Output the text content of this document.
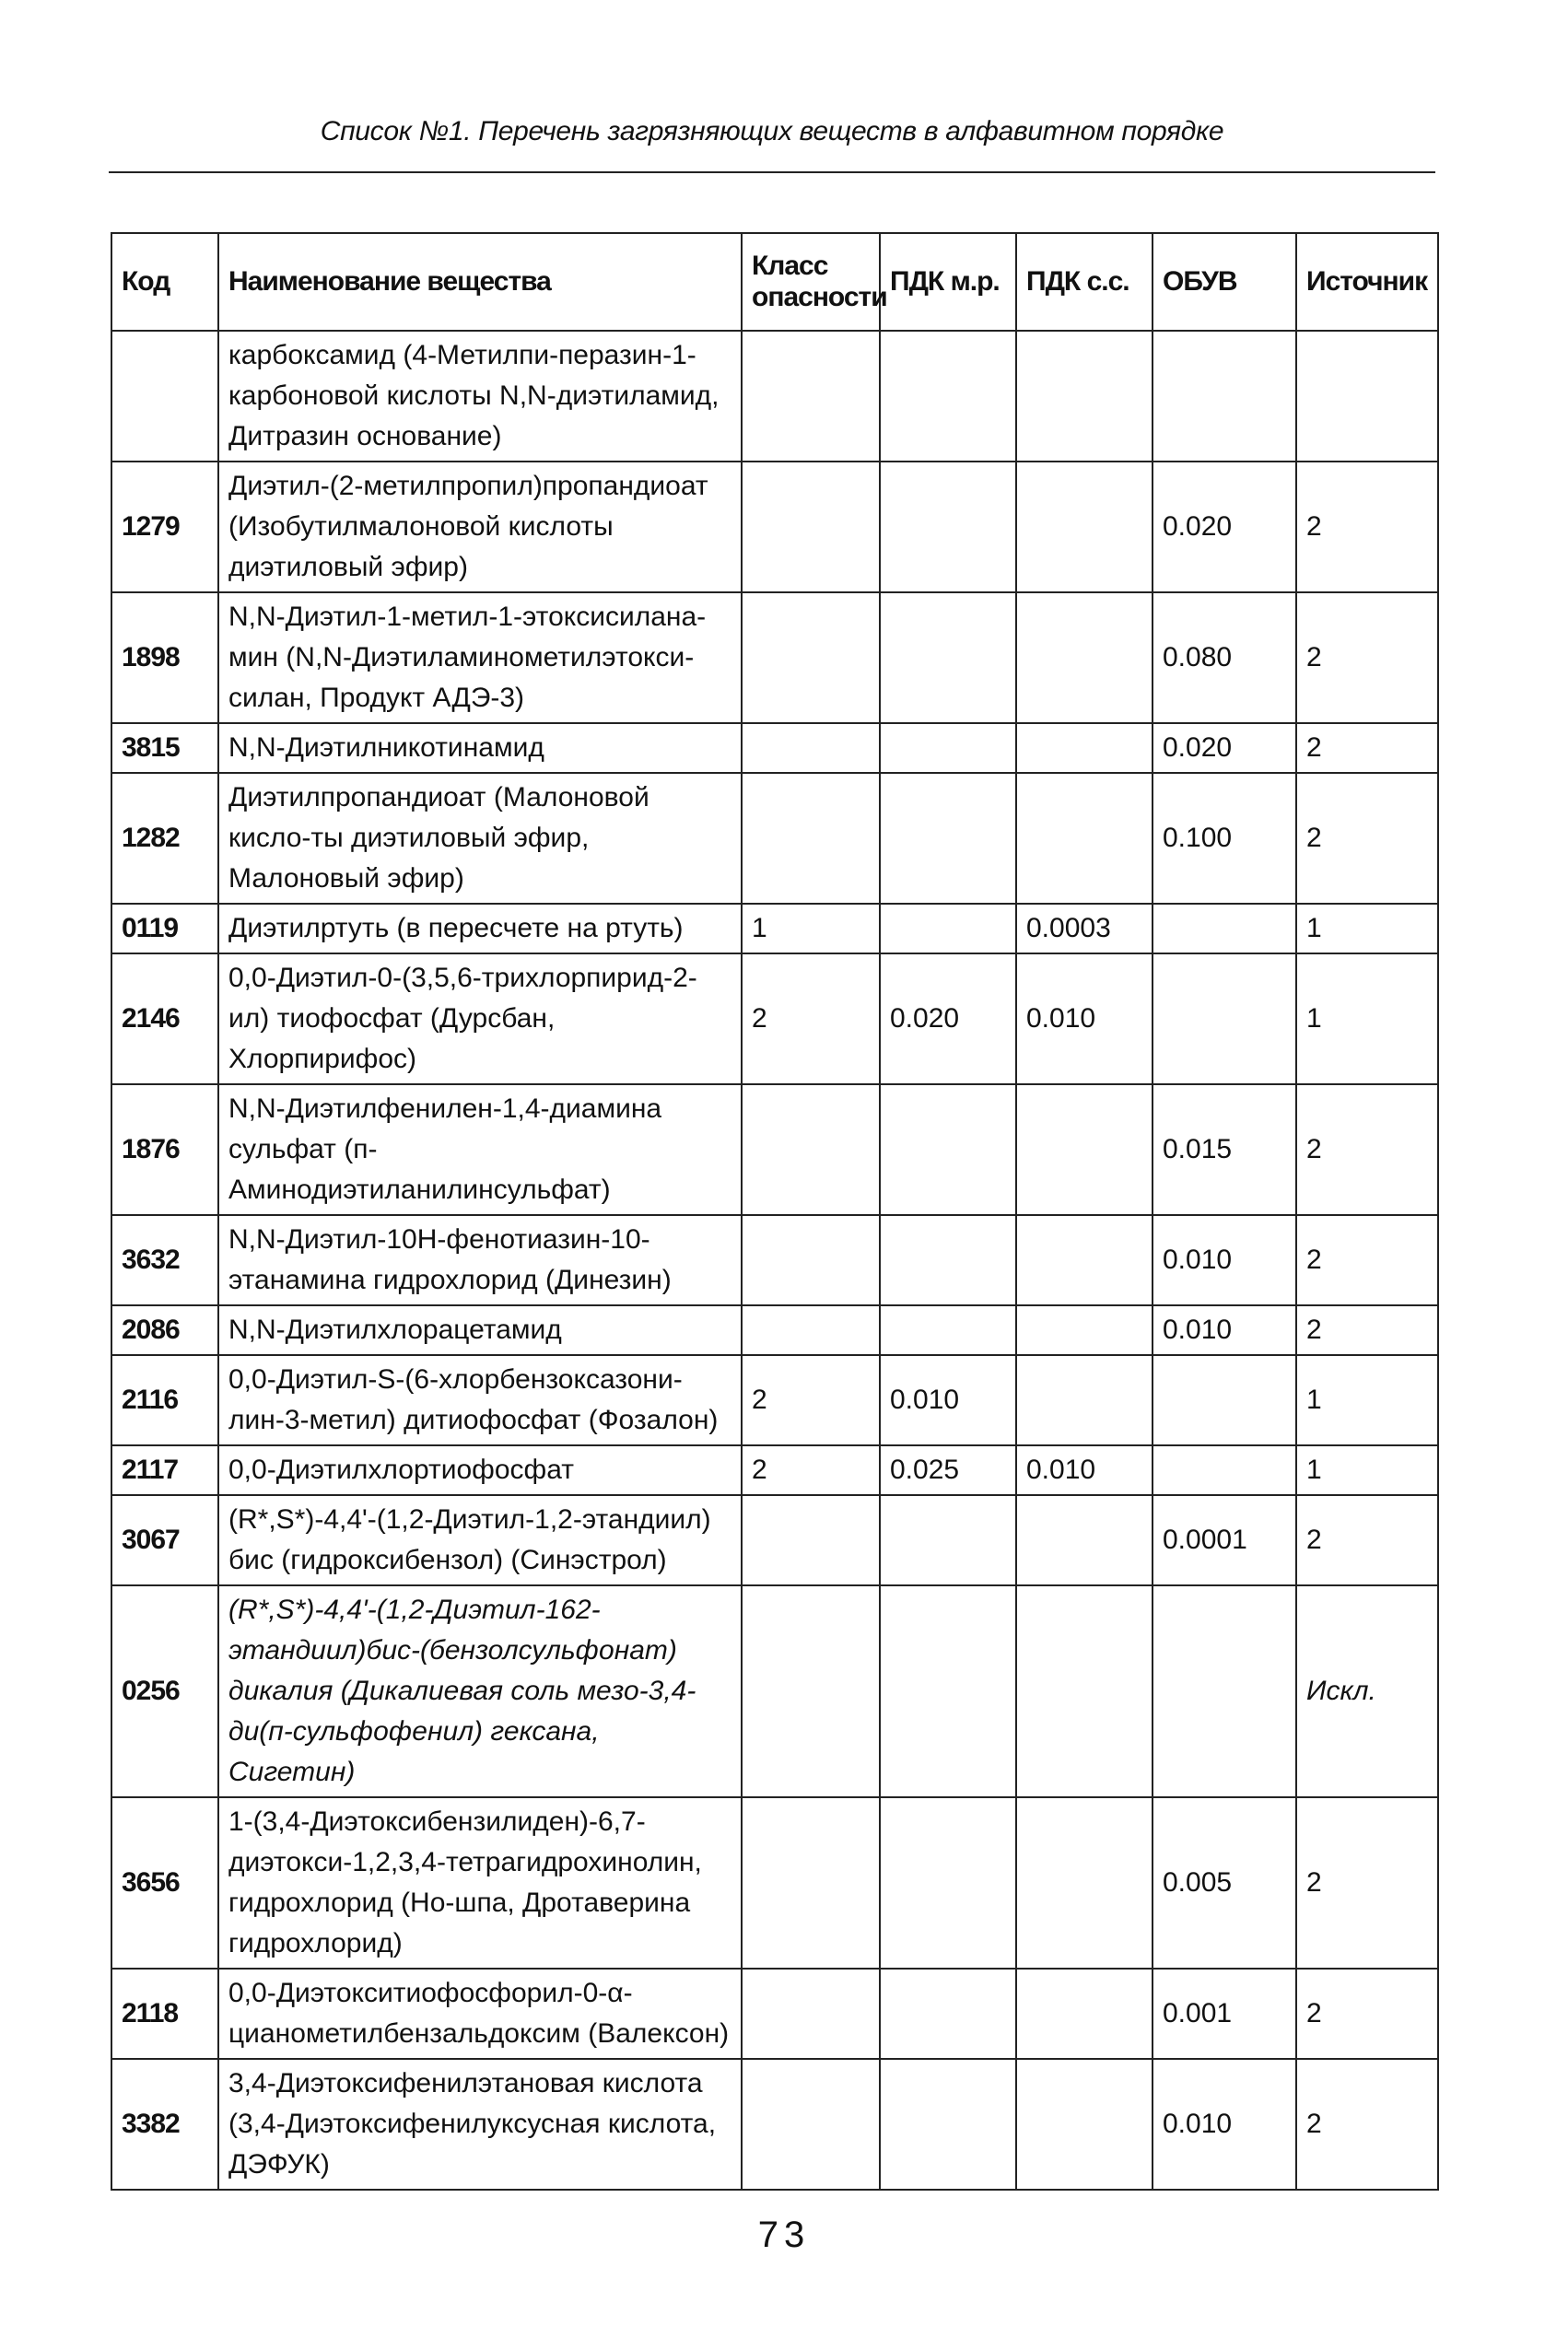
Список №1. Перечень загрязняющих веществ в алфавитном порядке
Код	Наименование вещества	Класс опасности	ПДК м.р.	ПДК с.с.	ОБУВ	Источник
	карбоксамид (4-Метилпи-перазин-1-карбоновой кислоты N,N-диэтиламид, Дитразин основание)					
1279	Диэтил-(2-метилпропил)пропандиоат (Изобутилмалоновой кислоты диэтиловый эфир)				0.020	2
1898	N,N-Диэтил-1-метил-1-этоксисилана-мин (N,N-Диэтиламинометилэтокси-силан, Продукт АДЭ-3)				0.080	2
3815	N,N-Диэтилникотинамид				0.020	2
1282	Диэтилпропандиоат (Малоновой кисло-ты диэтиловый эфир, Малоновый эфир)				0.100	2
0119	Диэтилртуть (в пересчете на ртуть)	1		0.0003		1
2146	0,0-Диэтил-0-(3,5,6-трихлорпирид-2-ил) тиофосфат (Дурсбан, Хлорпирифос)	2	0.020	0.010		1
1876	N,N-Диэтилфенилен-1,4-диамина сульфат (п-Аминодиэтиланилинсульфат)				0.015	2
3632	N,N-Диэтил-10Н-фенотиазин-10-этанамина гидрохлорид (Динезин)				0.010	2
2086	N,N-Диэтилхлорацетамид				0.010	2
2116	0,0-Диэтил-S-(6-хлорбензоксазони-лин-3-метил) дитиофосфат (Фозалон)	2	0.010			1
2117	0,0-Диэтилхлортиофосфат	2	0.025	0.010		1
3067	(R*,S*)-4,4'-(1,2-Диэтил-1,2-этандиил) бис (гидроксибензол) (Синэстрол)				0.0001	2
0256	(R*,S*)-4,4'-(1,2-Диэтил-162-этандиил)бис-(бензолсульфонат) дикалия (Дикалиевая соль мезо-3,4-ди(п-сульфофенил) гексана, Сигетин)					Искл.
3656	1-(3,4-Диэтоксибензилиден)-6,7-диэтокси-1,2,3,4-тетрагидрохинолин, гидрохлорид (Но-шпа, Дротаверина гидрохлорид)				0.005	2
2118	0,0-Диэтокситиофосфорил-0-α-цианометилбензальдоксим (Валексон)				0.001	2
3382	3,4-Диэтоксифенилэтановая кислота (3,4-Диэтоксифенилуксусная кислота, ДЭФУК)				0.010	2
73
